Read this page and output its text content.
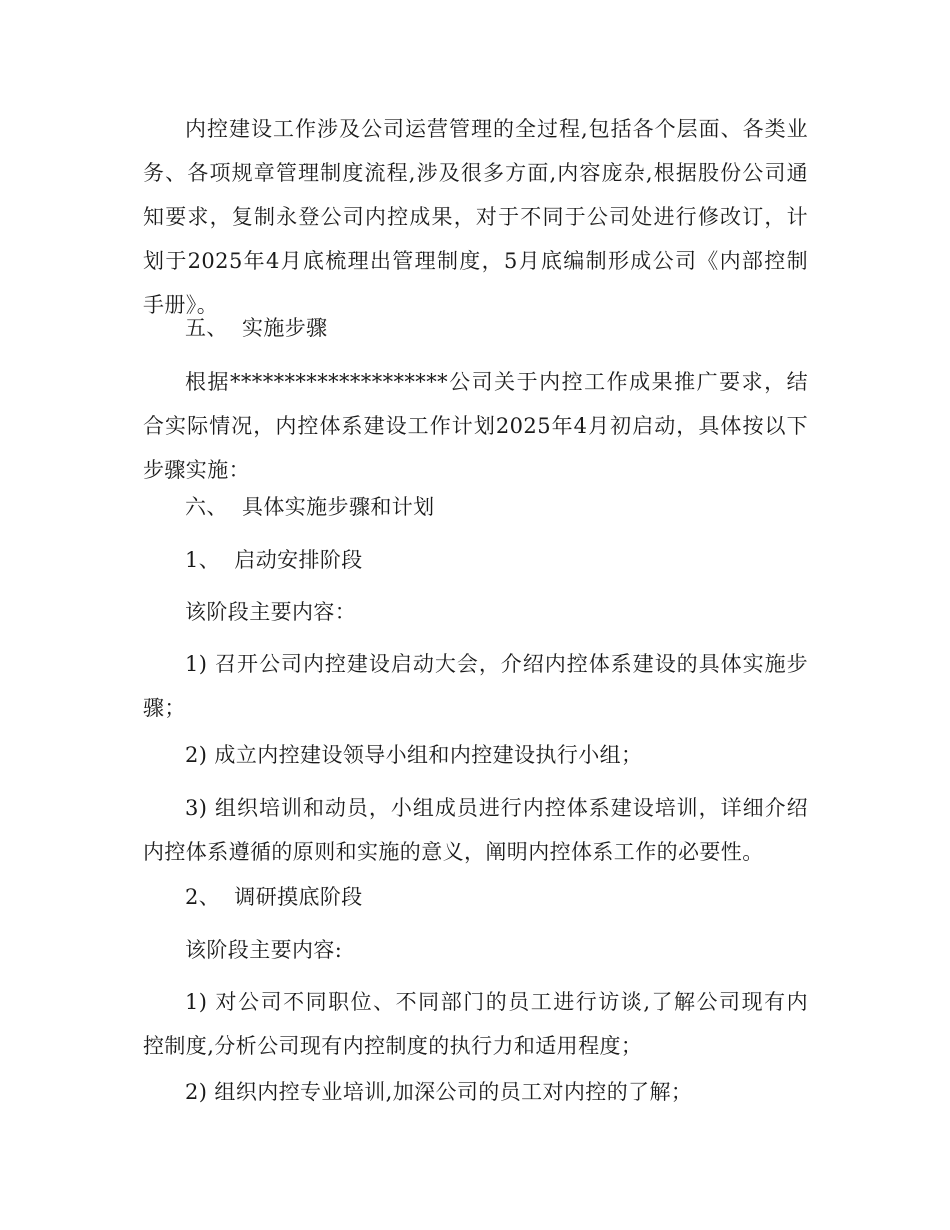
内控建设工作涉及公司运营管理的全过程,包括各个层面、各类业
务、各项规章管理制度流程,涉及很多方面,内容庞杂,根据股份公司通
知要求，复制永登公司内控成果，对于不同于公司处进行修改订，计
划于2025年4月底梳理出管理制度，5月底编制形成公司《内部控制
手册》。
五、  实施步骤
根据********************公司关于内控工作成果推广要求，结
合实际情况，内控体系建设工作计划2025年4月初启动，具体按以下
步骤实施：
六、  具体实施步骤和计划
1、  启动安排阶段
该阶段主要内容：
1) 召开公司内控建设启动大会，介绍内控体系建设的具体实施步
骤；
2) 成立内控建设领导小组和内控建设执行小组；
3) 组织培训和动员，小组成员进行内控体系建设培训，详细介绍
内控体系遵循的原则和实施的意义，阐明内控体系工作的必要性。
2、  调研摸底阶段
该阶段主要内容:
1) 对公司不同职位、不同部门的员工进行访谈,了解公司现有内
控制度,分析公司现有内控制度的执行力和适用程度；
2) 组织内控专业培训,加深公司的员工对内控的了解；
